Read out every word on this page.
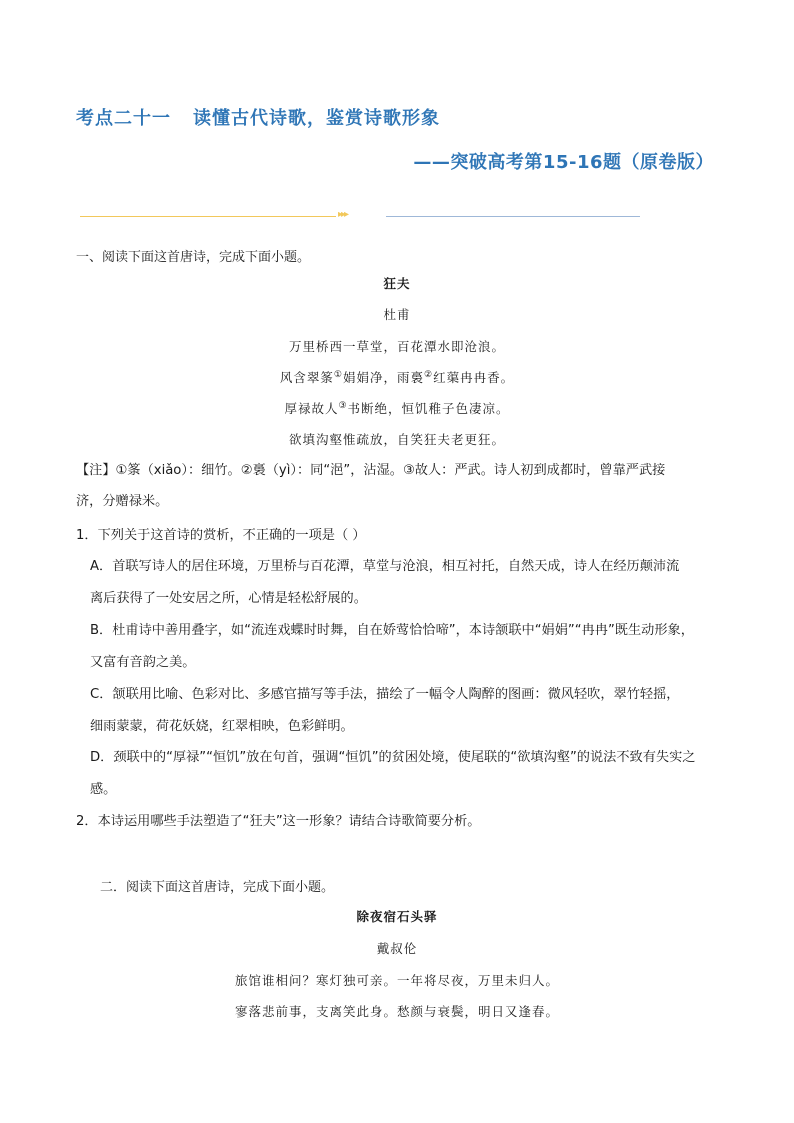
考点二十一 读懂古代诗歌，鉴赏诗歌形象
——突破高考第15-16题（原卷版）
▸▸▸
一、阅读下面这首唐诗，完成下面小题。
狂夫
杜甫
万里桥西一草堂，百花潭水即沧浪。
风含翠筿①娟娟净，雨裛②红蕖冉冉香。
厚禄故人③书断绝，恒饥稚子色凄凉。
欲填沟壑惟疏放，自笑狂夫老更狂。
【注】①筿（xiǎo）：细竹。②裛（yì）：同“浥”，沾湿。③故人：严武。诗人初到成都时，曾靠严武接
济，分赠禄米。
1．下列关于这首诗的赏析，不正确的一项是（ ）
A．首联写诗人的居住环境，万里桥与百花潭，草堂与沧浪，相互衬托，自然天成，诗人在经历颠沛流
离后获得了一处安居之所，心情是轻松舒展的。
B．杜甫诗中善用叠字，如“流连戏蝶时时舞，自在娇莺恰恰啼”，本诗颔联中“娟娟”“冉冉”既生动形象，
又富有音韵之美。
C．颔联用比喻、色彩对比、多感官描写等手法，描绘了一幅令人陶醉的图画：微风轻吹，翠竹轻摇，
细雨蒙蒙，荷花妖娆，红翠相映，色彩鲜明。
D．颈联中的“厚禄”“恒饥”放在句首，强调“恒饥”的贫困处境，使尾联的“欲填沟壑”的说法不致有失实之
感。
2．本诗运用哪些手法塑造了“狂夫”这一形象？请结合诗歌简要分析。
二．阅读下面这首唐诗，完成下面小题。
除夜宿石头驿
戴叔伦
旅馆谁相问？寒灯独可亲。一年将尽夜，万里未归人。
寥落悲前事，支离笑此身。愁颜与衰鬓，明日又逢春。
